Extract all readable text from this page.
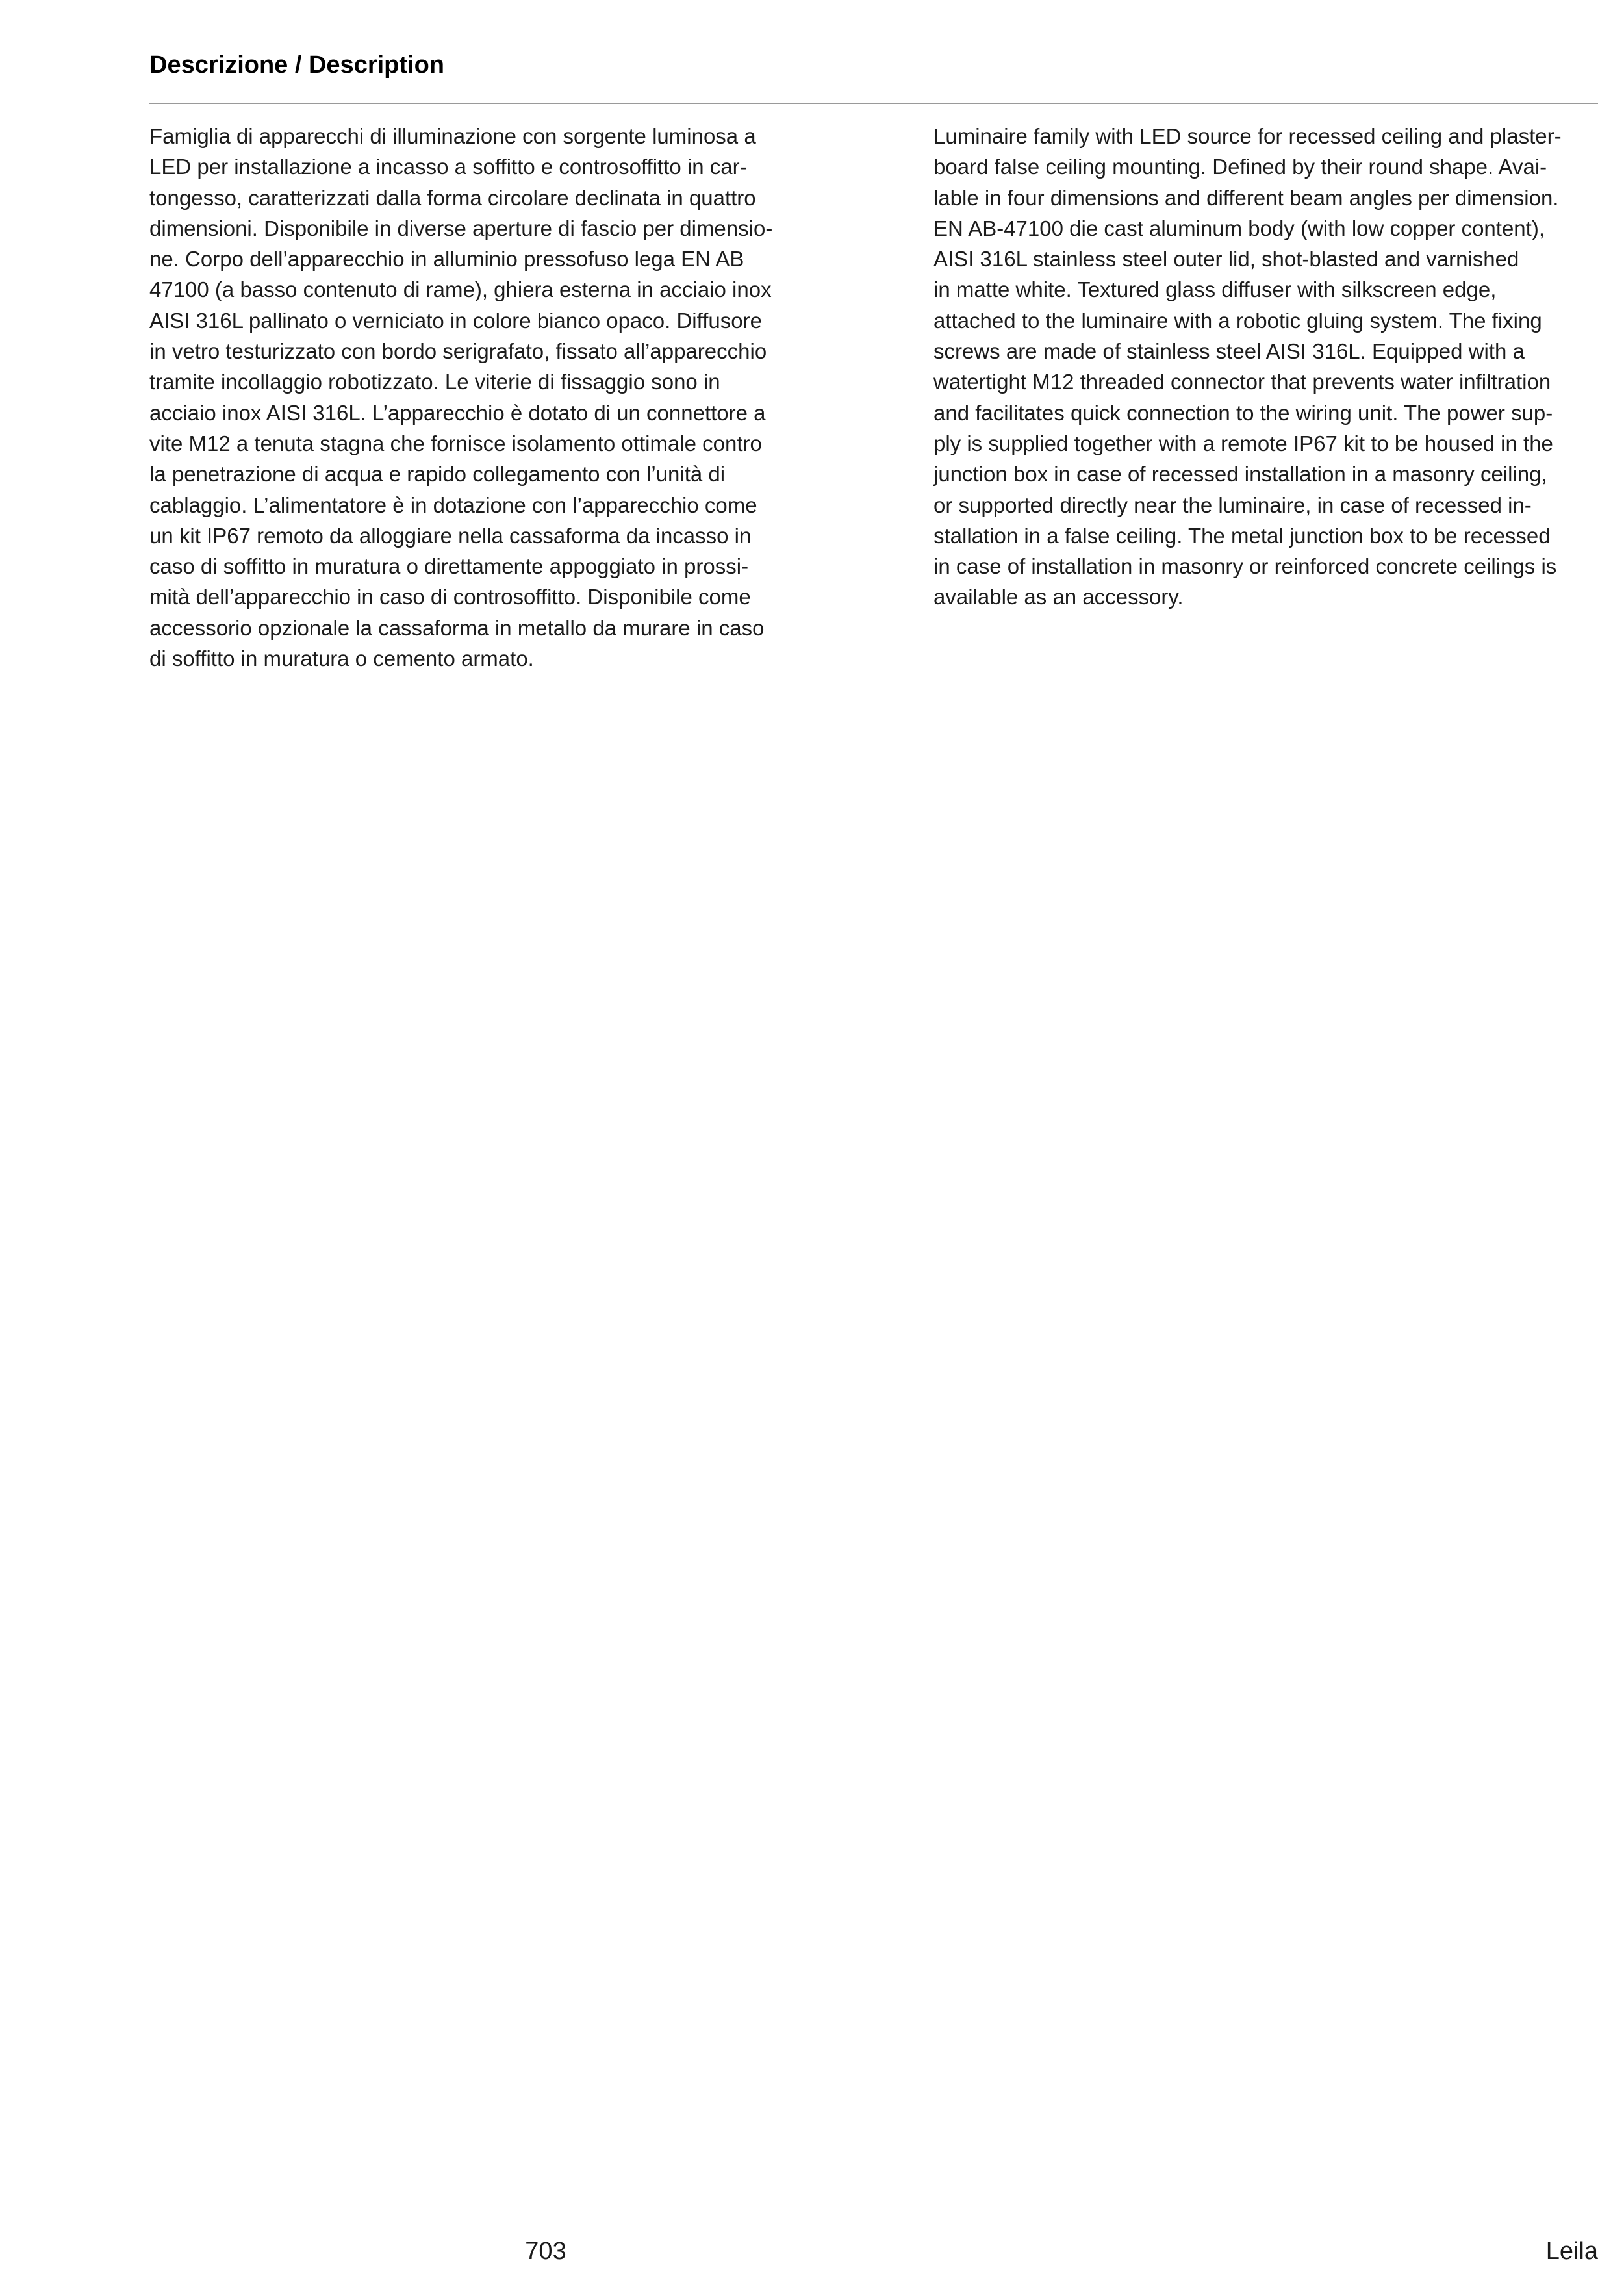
Descrizione / Description

Famiglia di apparecchi di illuminazione con sorgente luminosa a
LED per installazione a incasso a soffitto e controsoffitto in car-
tongesso, caratterizzati dalla forma circolare declinata in quattro
dimensioni. Disponibile in diverse aperture di fascio per dimensio-
ne. Corpo dell’apparecchio in alluminio pressofuso lega EN AB
47100 (a basso contenuto di rame), ghiera esterna in acciaio inox
AISI 316L pallinato o verniciato in colore bianco opaco. Diffusore
in vetro testurizzato con bordo serigrafato, fissato all’apparecchio
tramite incollaggio robotizzato. Le viterie di fissaggio sono in
acciaio inox AISI 316L. L’apparecchio è dotato di un connettore a
vite M12 a tenuta stagna che fornisce isolamento ottimale contro
la penetrazione di acqua e rapido collegamento con l’unità di
cablaggio. L’alimentatore è in dotazione con l’apparecchio come
un kit IP67 remoto da alloggiare nella cassaforma da incasso in
caso di soffitto in muratura o direttamente appoggiato in prossi-
mità dell’apparecchio in caso di controsoffitto. Disponibile come
accessorio opzionale la cassaforma in metallo da murare in caso
di soffitto in muratura o cemento armato.

Luminaire family with LED source for recessed ceiling and plaster-
board false ceiling mounting. Defined by their round shape. Avai-
lable in four dimensions and different beam angles per dimension.
EN AB-47100 die cast aluminum body (with low copper content),
AISI 316L stainless steel outer lid, shot-blasted and varnished
in matte white. Textured glass diffuser with silkscreen edge,
attached to the luminaire with a robotic gluing system. The fixing
screws are made of stainless steel AISI 316L. Equipped with a
watertight M12 threaded connector that prevents water infiltration
and facilitates quick connection to the wiring unit. The power sup-
ply is supplied together with a remote IP67 kit to be housed in the
junction box in case of recessed installation in a masonry ceiling,
or supported directly near the luminaire, in case of recessed in-
stallation in a false ceiling. The metal junction box to be recessed
in case of installation in masonry or reinforced concrete ceilings is
available as an accessory.

703	Leila
